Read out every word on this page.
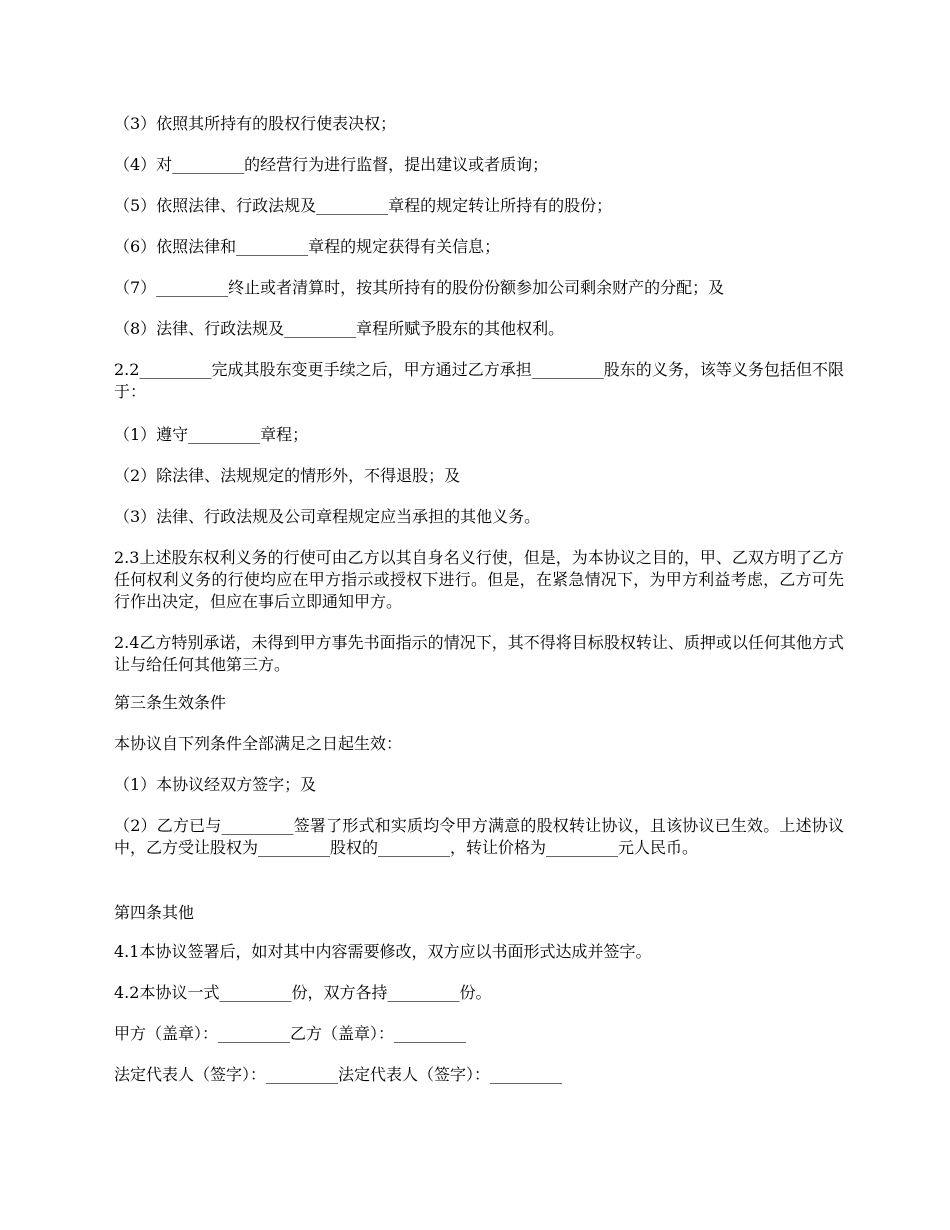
（3）依照其所持有的股权行使表决权；

（4）对_________的经营行为进行监督，提出建议或者质询；

（5）依照法律、行政法规及_________章程的规定转让所持有的股份；

（6）依照法律和_________章程的规定获得有关信息；

（7）_________终止或者清算时，按其所持有的股份份额参加公司剩余财产的分配；及

（8）法律、行政法规及_________章程所赋予股东的其他权利。

2.2_________完成其股东变更手续之后，甲方通过乙方承担_________股东的义务，该等义务包括但不限于：

（1）遵守_________章程；

（2）除法律、法规规定的情形外，不得退股；及

（3）法律、行政法规及公司章程规定应当承担的其他义务。

2.3上述股东权利义务的行使可由乙方以其自身名义行使，但是，为本协议之目的，甲、乙双方明了乙方任何权利义务的行使均应在甲方指示或授权下进行。但是，在紧急情况下，为甲方利益考虑，乙方可先行作出决定，但应在事后立即通知甲方。

2.4乙方特别承诺，未得到甲方事先书面指示的情况下，其不得将目标股权转让、质押或以任何其他方式让与给任何其他第三方。

第三条生效条件

本协议自下列条件全部满足之日起生效：

（1）本协议经双方签字；及

（2）乙方已与_________签署了形式和实质均令甲方满意的股权转让协议，且该协议已生效。上述协议中，乙方受让股权为_________股权的_________，转让价格为_________元人民币。

第四条其他

4.1本协议签署后，如对其中内容需要修改，双方应以书面形式达成并签字。

4.2本协议一式_________份，双方各持_________份。

甲方（盖章）：_________乙方（盖章）：_________

法定代表人（签字）：_________法定代表人（签字）：_________
